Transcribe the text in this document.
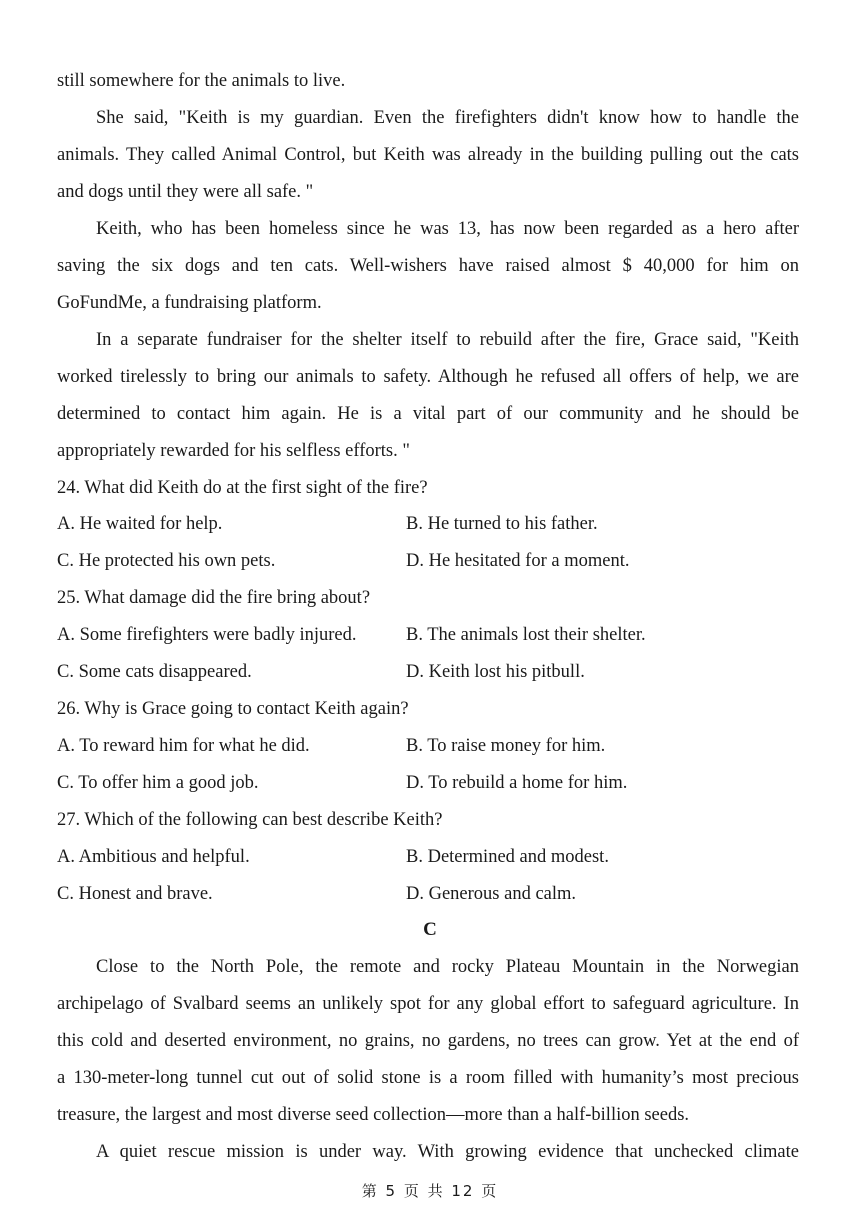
still somewhere for the animals to live.
She said, "Keith is my guardian. Even the firefighters didn't know how to handle the
animals. They called Animal Control, but Keith was already in the building pulling out the cats
and dogs until they were all safe. "
Keith, who has been homeless since he was 13, has now been regarded as a hero after
saving the six dogs and ten cats. Well-wishers have raised almost $ 40,000 for him on
GoFundMe, a fundraising platform.
In a separate fundraiser for the shelter itself to rebuild after the fire, Grace said, "Keith
worked tirelessly to bring our animals to safety. Although he refused all offers of help, we are
determined to contact him again. He is a vital part of our community and he should be
appropriately rewarded for his selfless efforts. "
24. What did Keith do at the first sight of the fire?
A. He waited for help.	B. He turned to his father.
C. He protected his own pets.	D. He hesitated for a moment.
25. What damage did the fire bring about?
A. Some firefighters were badly injured.	B. The animals lost their shelter.
C. Some cats disappeared.	D. Keith lost his pitbull.
26. Why is Grace going to contact Keith again?
A. To reward him for what he did.	B. To raise money for him.
C. To offer him a good job.	D. To rebuild a home for him.
27. Which of the following can best describe Keith?
A. Ambitious and helpful.	B. Determined and modest.
C. Honest and brave.	D. Generous and calm.
C
Close to the North Pole, the remote and rocky Plateau Mountain in the Norwegian
archipelago of Svalbard seems an unlikely spot for any global effort to safeguard agriculture. In
this cold and deserted environment, no grains, no gardens, no trees can grow. Yet at the end of
a 130-meter-long tunnel cut out of solid stone is a room filled with humanity’s most precious
treasure, the largest and most diverse seed collection—more than a half-billion seeds.
A quiet rescue mission is under way. With growing evidence that unchecked climate
第 5 页 共 12 页
